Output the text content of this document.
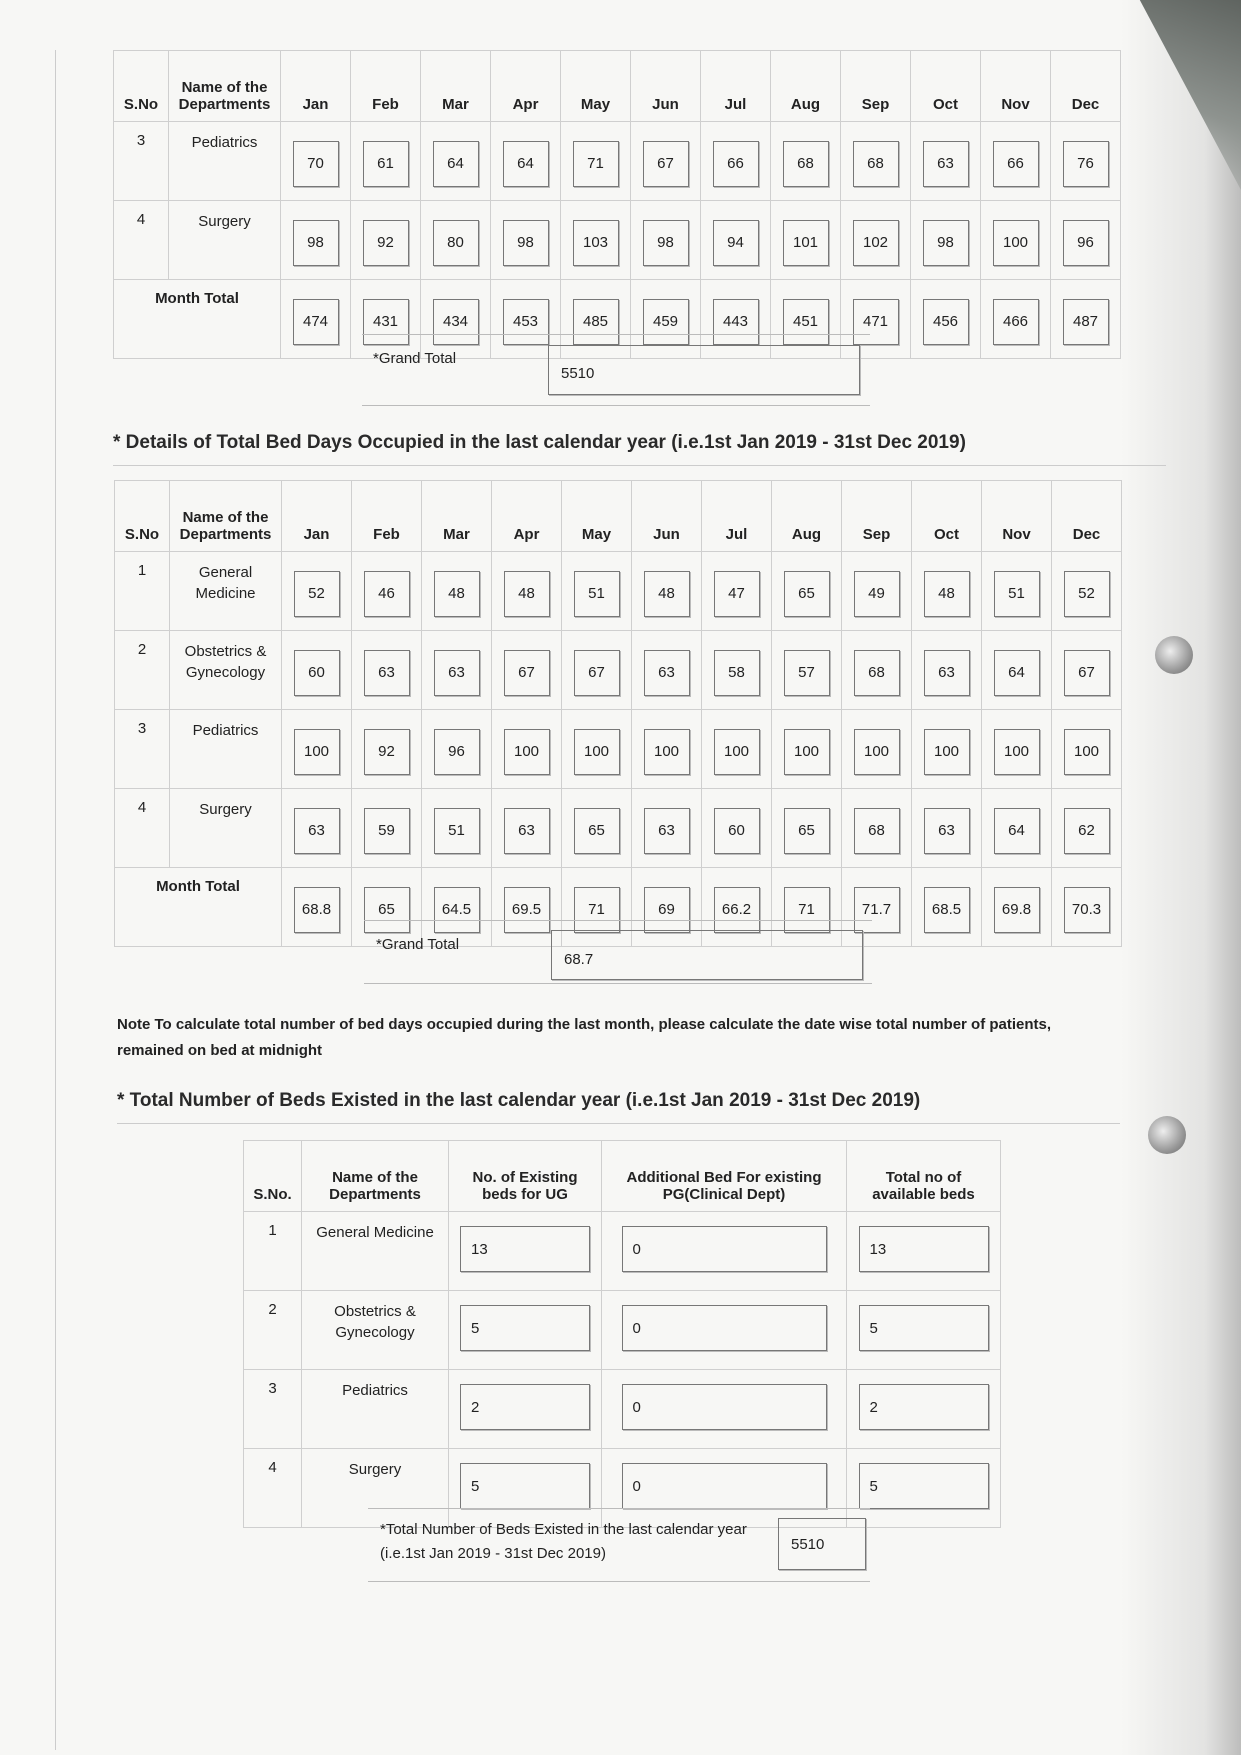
S.No	Name of the Departments	Jan	Feb	Mar	Apr	May	Jun	Jul	Aug	Sep	Oct	Nov	Dec
3	Pediatrics	70	61	64	64	71	67	66	68	68	63	66	76
4	Surgery	98	92	80	98	103	98	94	101	102	98	100	96
Month Total		474	431	434	453	485	459	443	451	471	456	466	487
*Grand Total
5510
* Details of Total Bed Days Occupied in the last calendar year (i.e.1st Jan 2019 - 31st Dec 2019)
S.No	Name of the Departments	Jan	Feb	Mar	Apr	May	Jun	Jul	Aug	Sep	Oct	Nov	Dec
1	General Medicine	52	46	48	48	51	48	47	65	49	48	51	52
2	Obstetrics & Gynecology	60	63	63	67	67	63	58	57	68	63	64	67
3	Pediatrics	100	92	96	100	100	100	100	100	100	100	100	100
4	Surgery	63	59	51	63	65	63	60	65	68	63	64	62
Month Total		68.8	65	64.5	69.5	71	69	66.2	71	71.7	68.5	69.8	70.3
*Grand Total
68.7
Note To calculate total number of bed days occupied during the last month, please calculate the date wise total number of patients, remained on bed at midnight
* Total Number of Beds Existed in the last calendar year (i.e.1st Jan 2019 - 31st Dec 2019)
S.No.	Name of the Departments	No. of Existing beds for UG	Additional Bed For existing PG(Clinical Dept)	Total no of available beds
1	General Medicine	13	0	13
2	Obstetrics & Gynecology	5	0	5
3	Pediatrics	2	0	2
4	Surgery	5	0	5
*Total Number of Beds Existed in the last calendar year (i.e.1st Jan 2019 - 31st Dec 2019)
5510
